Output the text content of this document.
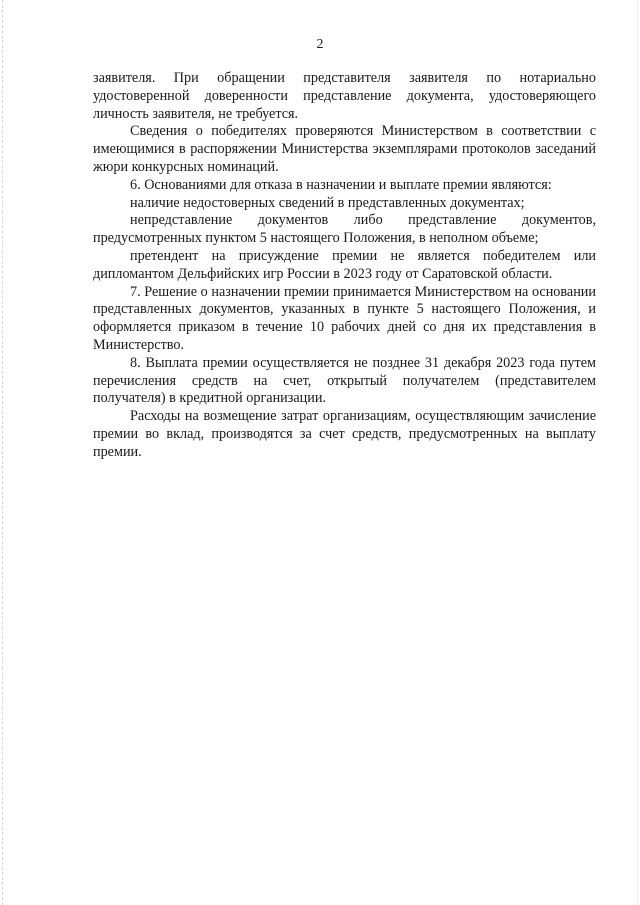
2

заявителя. При обращении представителя заявителя по нотариально удостоверенной доверенности представление документа, удостоверяющего личность заявителя, не требуется.

Сведения о победителях проверяются Министерством в соответствии с имеющимися в распоряжении Министерства экземплярами протоколов заседаний жюри конкурсных номинаций.

6. Основаниями для отказа в назначении и выплате премии являются:

наличие недостоверных сведений в представленных документах;

непредставление документов либо представление документов, предусмотренных пунктом 5 настоящего Положения, в неполном объеме;

претендент на присуждение премии не является победителем или дипломантом Дельфийских игр России в 2023 году от Саратовской области.

7. Решение о назначении премии принимается Министерством на основании представленных документов, указанных в пункте 5 настоящего Положения, и оформляется приказом в течение 10 рабочих дней со дня их представления в Министерство.

8. Выплата премии осуществляется не позднее 31 декабря 2023 года путем перечисления средств на счет, открытый получателем (представителем получателя) в кредитной организации.

Расходы на возмещение затрат организациям, осуществляющим зачисление премии во вклад, производятся за счет средств, предусмотренных на выплату премии.
